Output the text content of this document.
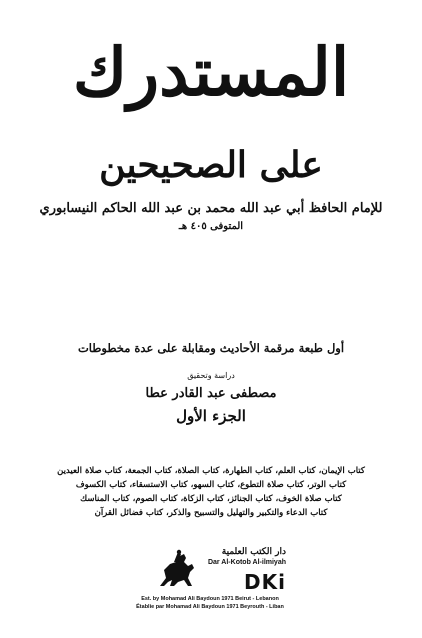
المستدرك
على الصحيحين
للإمام الحافظ أبي عبد الله محمد بن عبد الله الحاكم النيسابوري
المتوفى ٤٠٥ هـ
أول طبعة مرقمة الأحاديث ومقابلة على عدة مخطوطات
دراسة وتحقيق
مصطفى عبد القادر عطا
الجزء الأول
كتاب الإيمان، كتاب العلم، كتاب الطهارة، كتاب الصلاة، كتاب الجمعة، كتاب صلاة العيدين
كتاب الوتر، كتاب صلاة التطوع، كتاب السهو، كتاب الاستسقاء، كتاب الكسوف
كتاب صلاة الخوف، كتاب الجنائز، كتاب الزكاة، كتاب الصوم، كتاب المناسك
كتاب الدعاء والتكبير والتهليل والتسبيح والذكر، كتاب فضائل القرآن
دار الكتب العلمية
Dar Al-Kotob Al-ilmiyah
DKi
Est. by Mohamad Ali Baydoun 1971 Beirut - Lebanon
Établie par Mohamad Ali Baydoun 1971 Beyrouth - Liban
